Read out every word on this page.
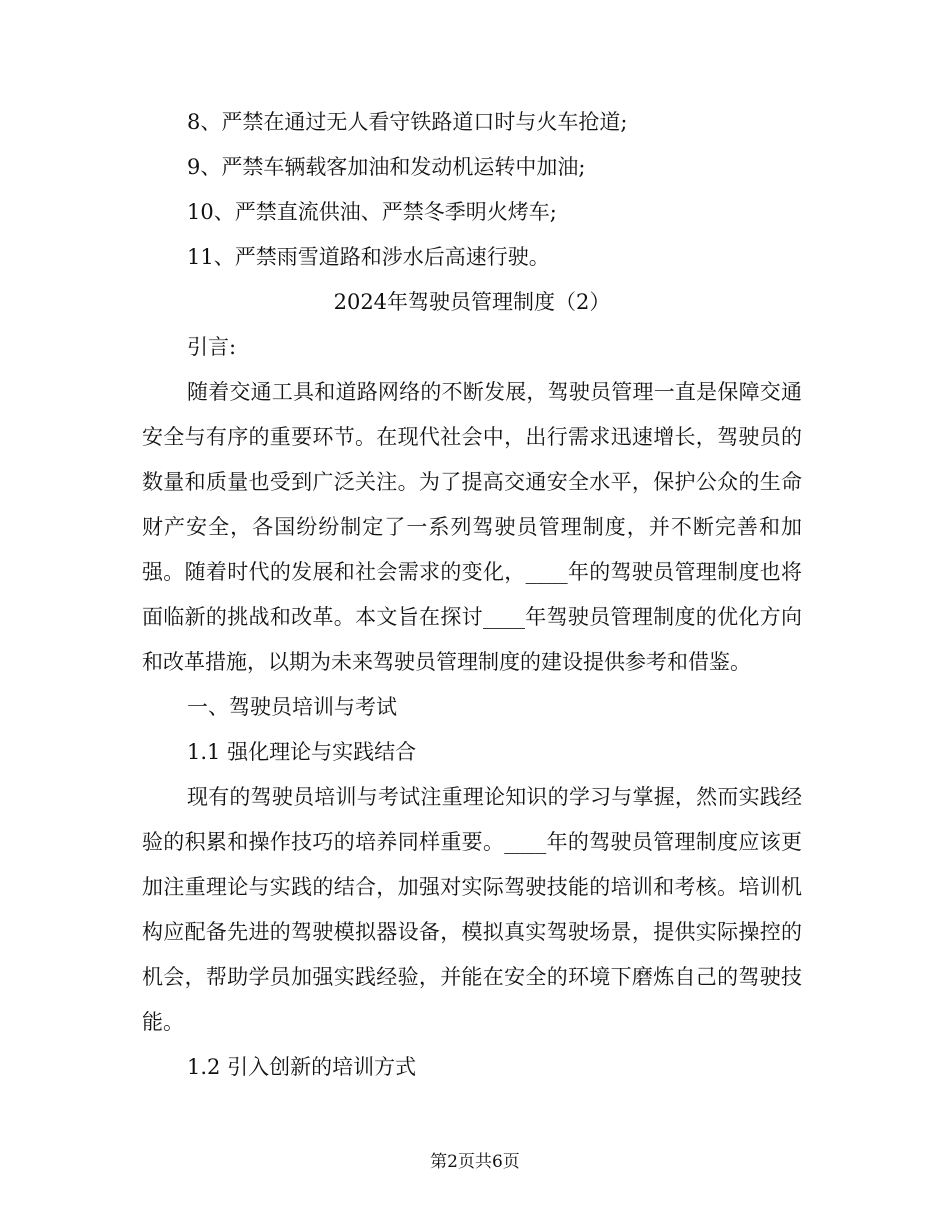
8、严禁在通过无人看守铁路道口时与火车抢道;

9、严禁车辆载客加油和发动机运转中加油;

10、严禁直流供油、严禁冬季明火烤车;

11、严禁雨雪道路和涉水后高速行驶。

2024年驾驶员管理制度（2）

引言:

随着交通工具和道路网络的不断发展，驾驶员管理一直是保障交通安全与有序的重要环节。在现代社会中，出行需求迅速增长，驾驶员的数量和质量也受到广泛关注。为了提高交通安全水平，保护公众的生命财产安全，各国纷纷制定了一系列驾驶员管理制度，并不断完善和加强。随着时代的发展和社会需求的变化，____年的驾驶员管理制度也将面临新的挑战和改革。本文旨在探讨____年驾驶员管理制度的优化方向和改革措施，以期为未来驾驶员管理制度的建设提供参考和借鉴。

一、驾驶员培训与考试

1.1 强化理论与实践结合

现有的驾驶员培训与考试注重理论知识的学习与掌握，然而实践经验的积累和操作技巧的培养同样重要。____年的驾驶员管理制度应该更加注重理论与实践的结合，加强对实际驾驶技能的培训和考核。培训机构应配备先进的驾驶模拟器设备，模拟真实驾驶场景，提供实际操控的机会，帮助学员加强实践经验，并能在安全的环境下磨炼自己的驾驶技能。

1.2 引入创新的培训方式

第2页共6页
